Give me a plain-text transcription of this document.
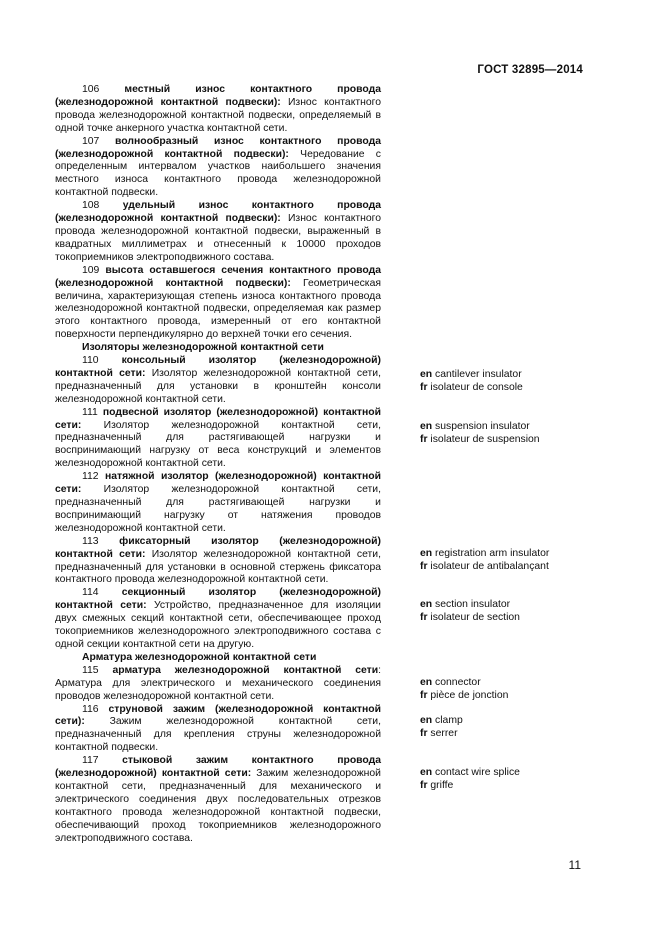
ГОСТ 32895—2014

106 местный износ контактного провода (железнодорожной контактной подвески): Износ контактного провода железнодорожной контактной подвески, определяемый в одной точке анкерного участка контактной сети.

107 волнообразный износ контактного провода (железнодорожной контактной подвески): Чередование с определенным интервалом участков наибольшего значения местного износа контактного провода железнодорожной контактной подвески.

108 удельный износ контактного провода (железнодорожной контактной подвески): Износ контактного провода железнодорожной контактной подвески, выраженный в квадратных миллиметрах и отнесенный к 10000 проходов токоприемников электроподвижного состава.

109 высота оставшегося сечения контактного провода (железнодорожной контактной подвески): Геометрическая величина, характеризующая степень износа контактного провода железнодорожной контактной подвески, определяемая как размер этого контактного провода, измеренный от его контактной поверхности перпендикулярно до верхней точки его сечения.

Изоляторы железнодорожной контактной сети

110 консольный изолятор (железнодорожной) контактной сети: Изолятор железнодорожной контактной сети, предназначенный для установки в кронштейн консоли железнодорожной контактной сети.

111 подвесной изолятор (железнодорожной) контактной сети: Изолятор железнодорожной контактной сети, предназначенный для растягивающей нагрузки и воспринимающий нагрузку от веса конструкций и элементов железнодорожной контактной сети.

112 натяжной изолятор (железнодорожной) контактной сети: Изолятор железнодорожной контактной сети, предназначенный для растягивающей нагрузки и воспринимающий нагрузку от натяжения проводов железнодорожной контактной сети.

113 фиксаторный изолятор (железнодорожной) контактной сети: Изолятор железнодорожной контактной сети, предназначенный для установки в основной стержень фиксатора контактного провода железнодорожной контактной сети.

114 секционный изолятор (железнодорожной) контактной сети: Устройство, предназначенное для изоляции двух смежных секций контактной сети, обеспечивающее проход токоприемников железнодорожного электроподвижного состава с одной секции контактной сети на другую.

Арматура железнодорожной контактной сети

115 арматура железнодорожной контактной сети: Арматура для электрического и механического соединения проводов железнодорожной контактной сети.

116 струновой зажим (железнодорожной контактной сети): Зажим железнодорожной контактной сети, предназначенный для крепления струны железнодорожной контактной подвески.

117 стыковой зажим контактного провода (железнодорожной) контактной сети: Зажим железнодорожной контактной сети, предназначенный для механического и электрического соединения двух последовательных отрезков контактного провода железнодорожной контактной подвески, обеспечивающий проход токоприемников железнодорожного электроподвижного состава.

en cantilever insulator
fr isolateur de console
en suspension insulator
fr isolateur de suspension
en registration arm insulator
fr isolateur de antibalançant
en section insulator
fr isolateur de section
en connector
fr pièce de jonction
en clamp
fr serrer
en contact wire splice
fr griffe
11
